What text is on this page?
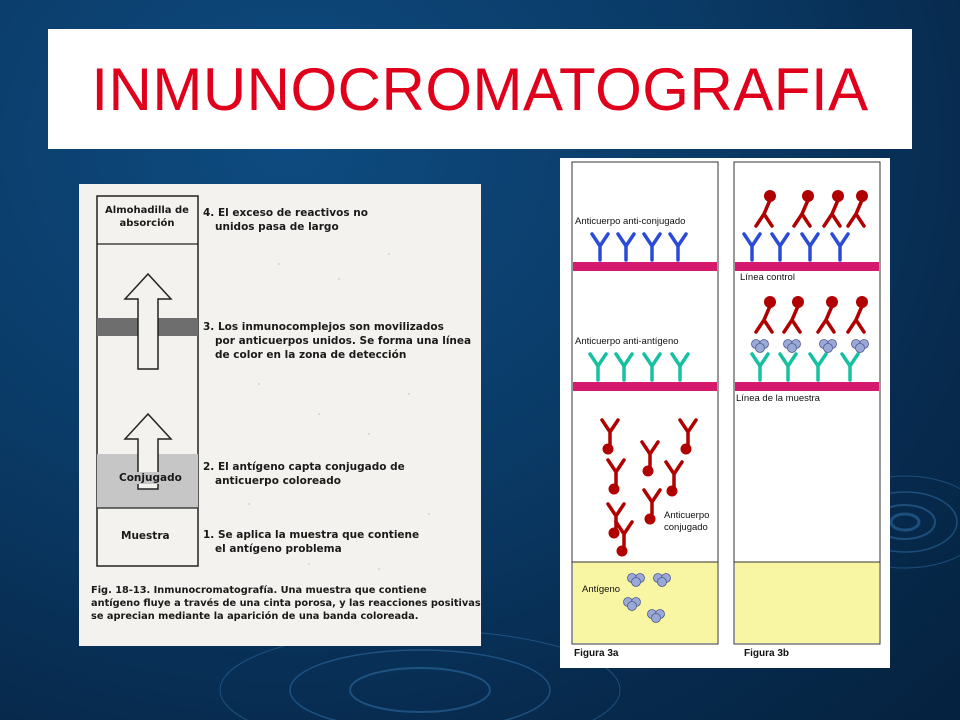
INMUNOCROMATOGRAFIA
Almohadilla de
absorción
4. El exceso de reactivos no
unidos pasa de largo
3. Los inmunocomplejos son movilizados
por anticuerpos unidos. Se forma una línea
de color en la zona de detección
Conjugado
2. El antígeno capta conjugado de
anticuerpo coloreado
Muestra	1. Se aplica la muestra que contiene
el antígeno problema
Fig. 18-13. Inmunocromatografía. Una muestra que contiene
antígeno fluye a través de una cinta porosa, y las reacciones positivas
se aprecian mediante la aparición de una banda coloreada.
Anticuerpo anti-conjugado
Anticuerpo anti-antígeno
Anticuerpo
conjugado
Antígeno
Línea control
Línea de la muestra
Figura 3a	Figura 3b
